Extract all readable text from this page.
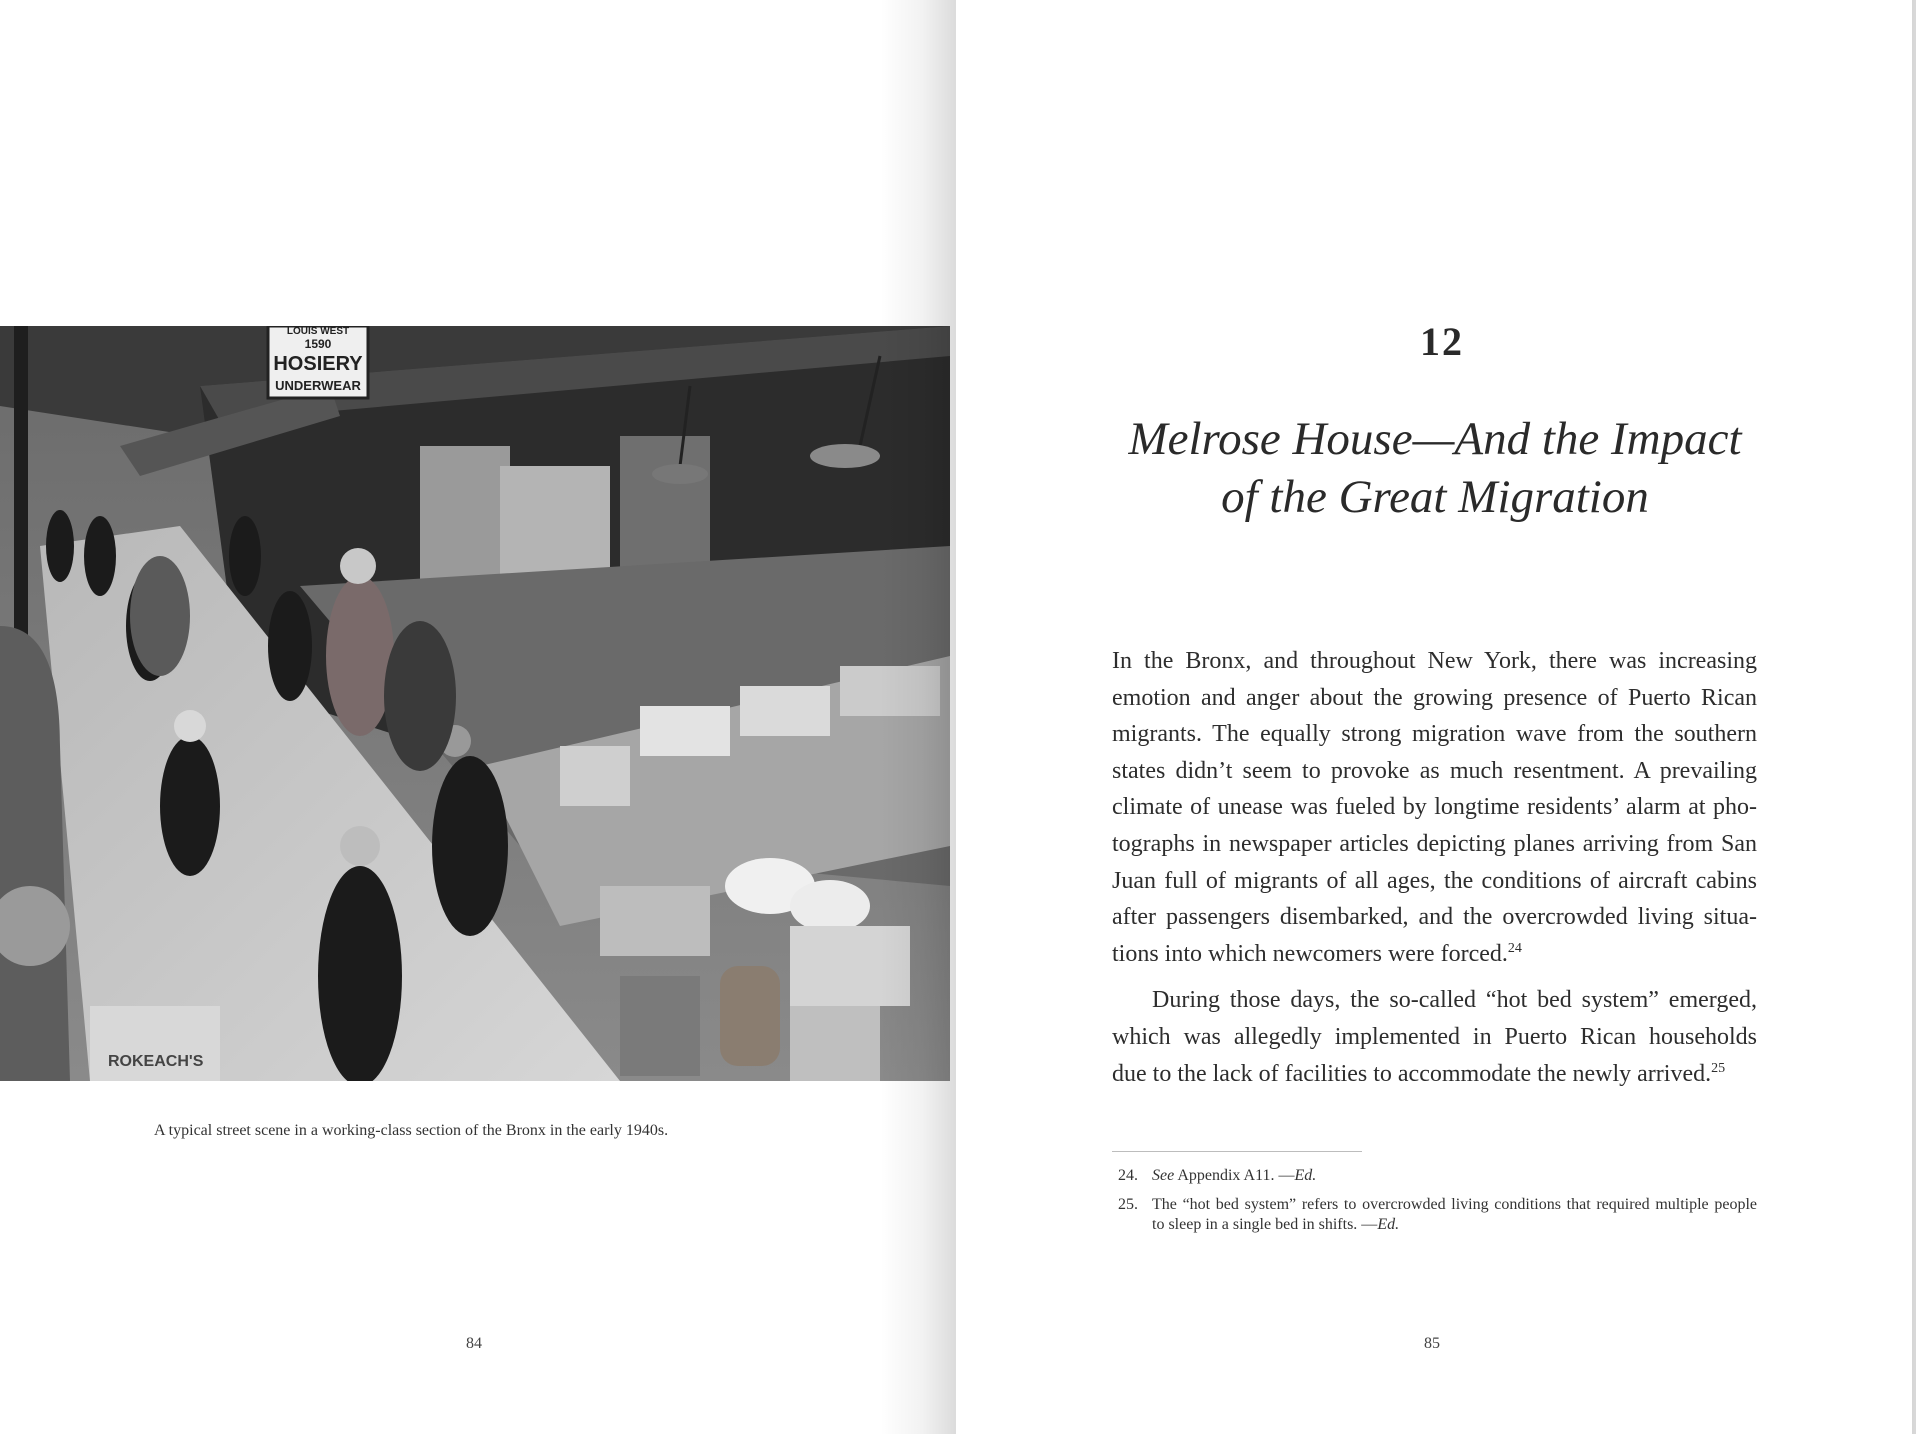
ROKEACH'S
LOUIS WEST
1590
HOSIERY
UNDERWEAR
A typical street scene in a working-class section of the Bronx in the early 1940s.
84
12
Melrose House—And the Impact
of the Great Migration
In the Bronx, and throughout New York, there was increasing
emotion and anger about the growing presence of Puerto Rican
migrants. The equally strong migration wave from the southern
states didn’t seem to provoke as much resentment. A prevailing
climate of unease was fueled by longtime residents’ alarm at pho-
tographs in newspaper articles depicting planes arriving from San
Juan full of migrants of all ages, the conditions of aircraft cabins
after passengers disembarked, and the overcrowded living situa-
tions into which newcomers were forced.$^{24}$
During those days, the so-called “hot bed system” emerged,
which was allegedly implemented in Puerto Rican households
due to the lack of facilities to accommodate the newly arrived.$^{25}$
24. See Appendix A11. —Ed.
25. The “hot bed system” refers to overcrowded living conditions that required multiple people
to sleep in a single bed in shifts. —Ed.
85
